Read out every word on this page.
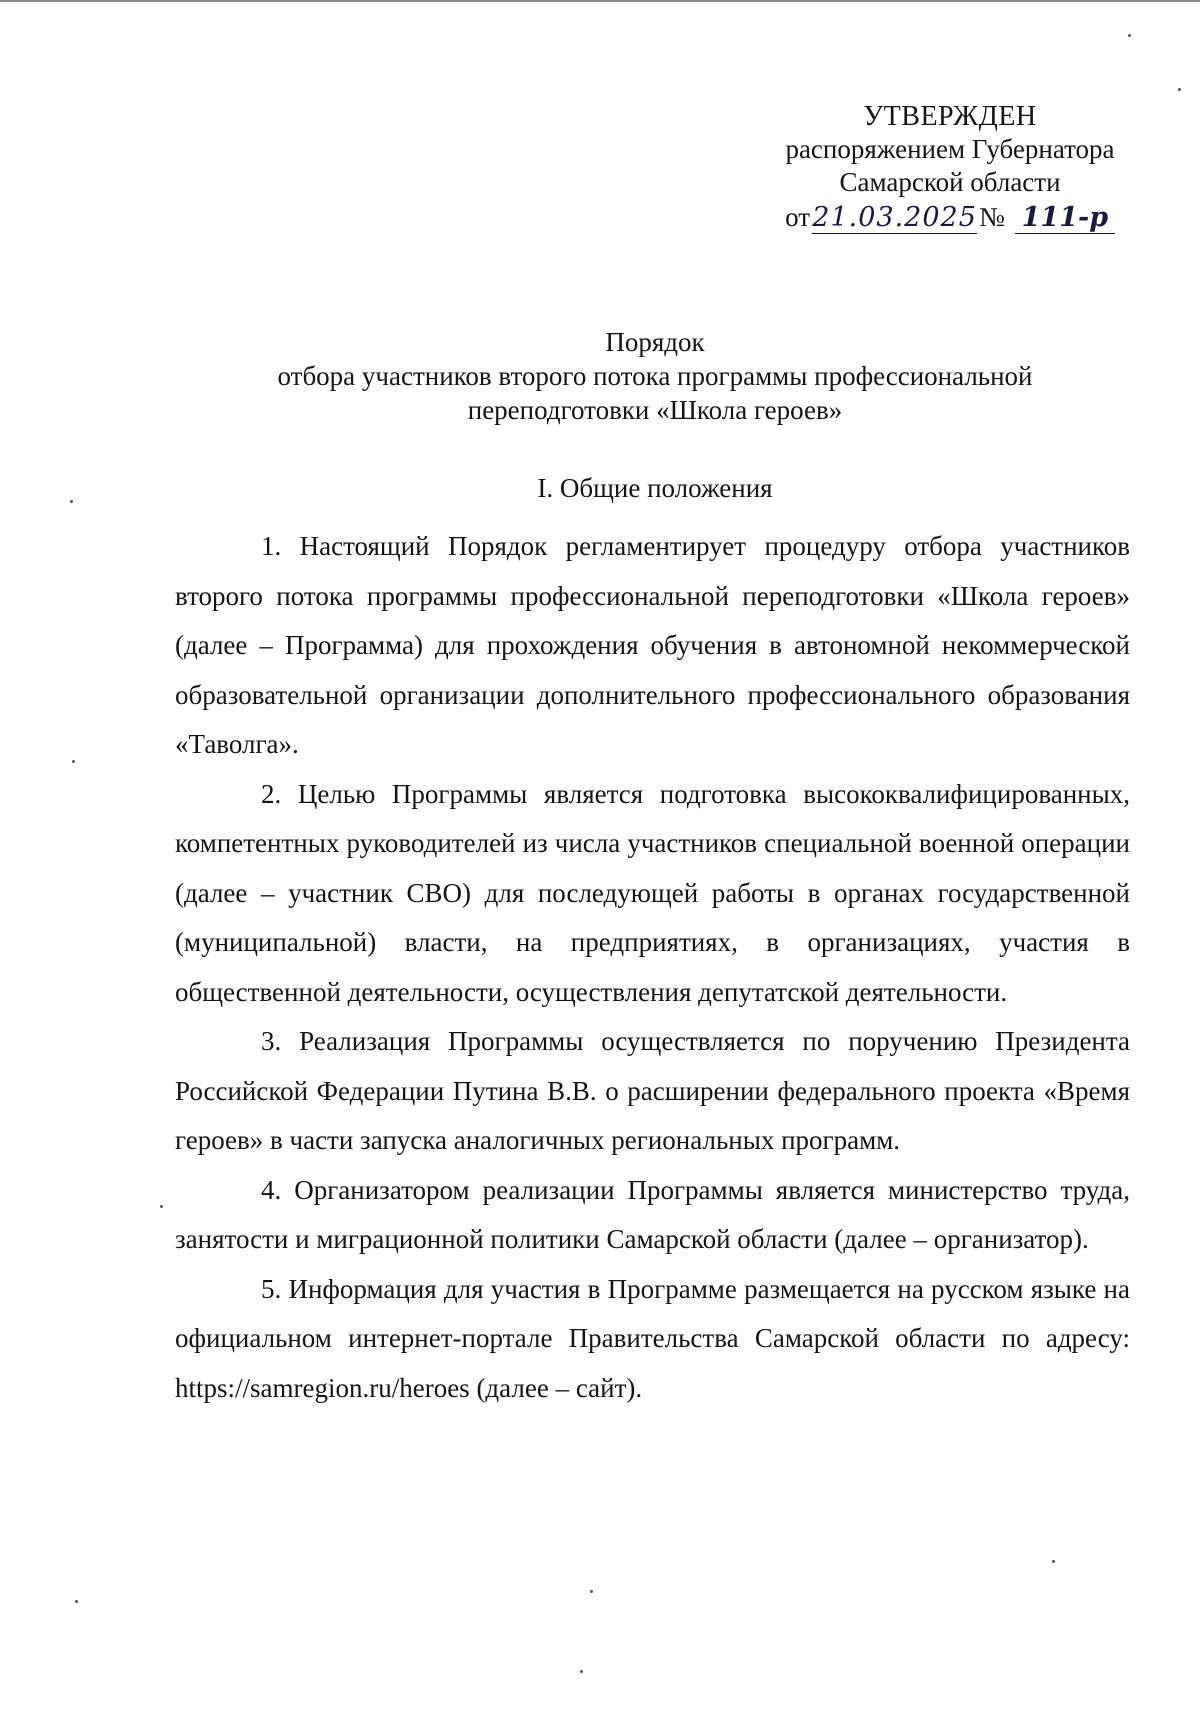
УТВЕРЖДЕН
распоряжением Губернатора
Самарской области
от 21.03.2025 № 111-р
Порядок
отбора участников второго потока программы профессиональной
переподготовки «Школа героев»
I. Общие положения

1. Настоящий Порядок регламентирует процедуру отбора участников второго потока программы профессиональной переподготовки «Школа героев» (далее – Программа) для прохождения обучения в автономной некоммерческой образовательной организации дополнительного профессионального образования «Таволга».

2. Целью Программы является подготовка высококвалифицированных, компетентных руководителей из числа участников специальной военной операции (далее – участник СВО) для последующей работы в органах государственной (муниципальной) власти, на предприятиях, в организациях, участия в общественной деятельности, осуществления депутатской деятельности.

3. Реализация Программы осуществляется по поручению Президента Российской Федерации Путина В.В. о расширении федерального проекта «Время героев» в части запуска аналогичных региональных программ.

4. Организатором реализации Программы является министерство труда, занятости и миграционной политики Самарской области (далее – организатор).

5. Информация для участия в Программе размещается на русском языке на официальном интернет-портале Правительства Самарской области по адресу: https://samregion.ru/heroes (далее – сайт).
